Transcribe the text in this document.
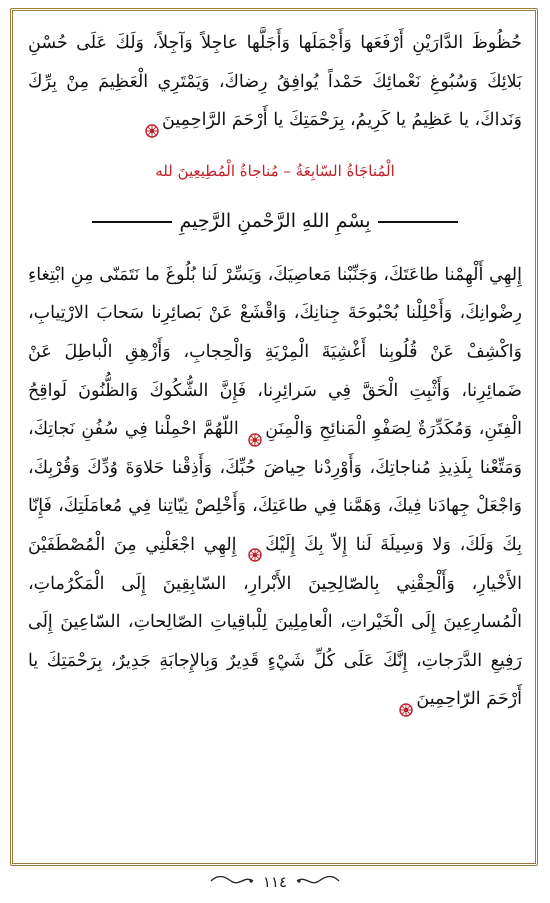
حُظُوظَ الدَّارَيْنِ أَرْفَعَها وَأَجْمَلَها وَأَجَلَّها عاجِلاً وَآجِلاً، وَلَكَ عَلَى حُسْنِ بَلائِكَ وَسُبُوغِ نَعْمائِكَ حَمْداً يُوافِقُ رِضاكَ، وَيَمْتَرِي الْعَظِيمَ مِنْ بِرِّكَ وَنَداكَ، يا عَظِيمُ يا كَرِيمُ، بِرَحْمَتِكَ يا أَرْحَمَ الرَّاحِمِينَ

الْمُناجَاةُ السّابِعَةُ – مُناجاةُ الْمُطِيعِينَ لله
بِسْمِ اللهِ الرَّحْمنِ الرَّحِيمِ

إِلهِي أَلْهِمْنا طاعَتَكَ، وَجَنِّبْنا مَعاصِيَكَ، وَيَسِّرْ لَنا بُلُوغَ ما نَتَمَنّى مِنِ ابْتِغاءِ رِضْوانِكَ، وَأَحْلِلْنا بُحْبُوحَةَ جِنانِكَ، وَاقْشَعْ عَنْ بَصائِرِنا سَحابَ الارْتِيابِ، وَاكْشِفْ عَنْ قُلُوبِنا أَغْشِيَةَ الْمِرْيَةِ وَالْحِجابِ، وَأَزْهِقِ الْباطِلَ عَنْ ضَمائِرِنا، وَأَثْبِتِ الْحَقَّ فِي سَرائِرِنا، فَإِنَّ الشُّكُوكَ وَالظُّنُونَ لَواقِحُ الْفِتَنِ، وَمُكَدِّرَةٌ لِصَفْوِ الْمَنائِحِ وَالْمِنَنِ اللّهُمَّ احْمِلْنا فِي سُفُنِ نَجاتِكَ، وَمَتِّعْنا بِلَذِيذِ مُناجاتِكَ، وَأَوْرِدْنا حِياضَ حُبِّكَ، وَأَذِقْنا حَلاوَةَ وُدِّكَ وَقُرْبِكَ، وَاجْعَلْ جِهادَنا فِيكَ، وَهَمَّنا فِي طاعَتِكَ، وَأَخْلِصْ نِيّاتِنا فِي مُعامَلَتِكَ، فَإِنّا بِكَ وَلَكَ، وَلا وَسِيلَةَ لَنا إِلاّ بِكَ إِلَيْكَ إِلهِي اجْعَلْنِي مِنَ الْمُصْطَفَيْنَ الأَخْيارِ، وَأَلْحِقْنِي بِالصّالِحِينَ الأَبْرارِ، السّابِقِينَ إِلَى الْمَكْرُماتِ، الْمُسارِعِينَ إِلَى الْخَيْراتِ، الْعامِلِينَ لِلْباقِياتِ الصّالِحاتِ، السّاعِينَ إِلَى رَفِيعِ الدَّرَجاتِ، إِنَّكَ عَلَى كُلِّ شَيْءٍ قَدِيرٌ وَبِالإِجابَةِ جَدِيرٌ، بِرَحْمَتِكَ يا أَرْحَمَ الرّاحِمِينَ

١١٤
